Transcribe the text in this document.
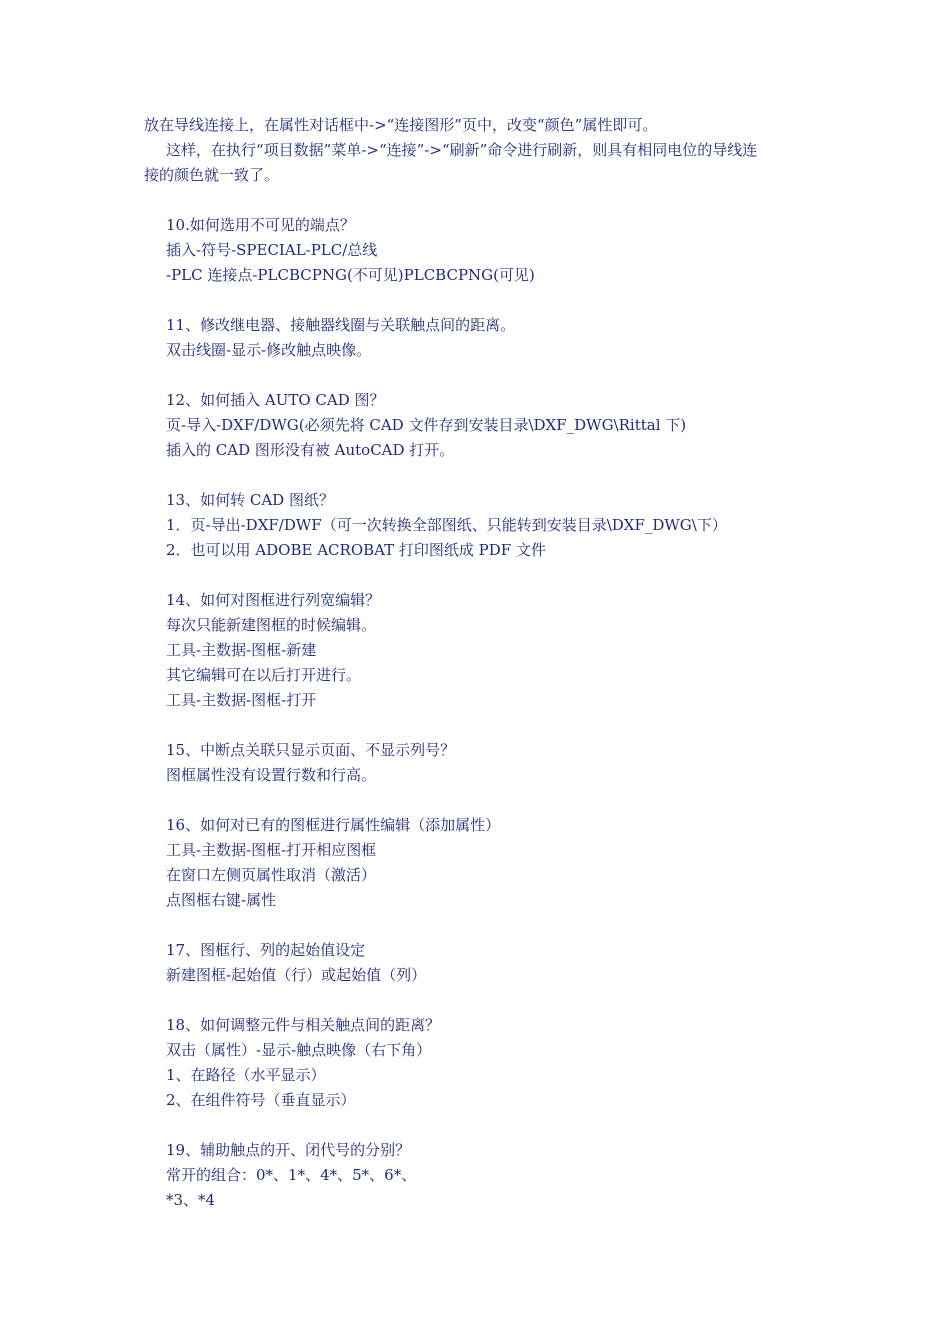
放在导线连接上，在属性对话框中->“连接图形”页中，改变“颜色”属性即可。
这样，在执行“项目数据”菜单->“连接”->“刷新”命令进行刷新，则具有相同电位的导线连
接的颜色就一致了。
10.如何选用不可见的端点？
插入-符号-SPECIAL-PLC/总线
-PLC 连接点-PLCBCPNG(不可见)PLCBCPNG(可见)
11、修改继电器、接触器线圈与关联触点间的距离。
双击线圈-显示-修改触点映像。
12、如何插入 AUTO CAD 图？
页-导入-DXF/DWG(必须先将 CAD 文件存到安装目录\DXF_DWG\Rittal 下)
插入的 CAD 图形没有被 AutoCAD 打开。
13、如何转 CAD 图纸？
1．页-导出-DXF/DWF（可一次转换全部图纸、只能转到安装目录\DXF_DWG\下）
2．也可以用 ADOBE ACROBAT 打印图纸成 PDF 文件
14、如何对图框进行列宽编辑？
每次只能新建图框的时候编辑。
工具-主数据-图框-新建
其它编辑可在以后打开进行。
工具-主数据-图框-打开
15、中断点关联只显示页面、不显示列号？
图框属性没有设置行数和行高。
16、如何对已有的图框进行属性编辑（添加属性）
工具-主数据-图框-打开相应图框
在窗口左侧页属性取消（激活）
点图框右键-属性
17、图框行、列的起始值设定
新建图框-起始值（行）或起始值（列）
18、如何调整元件与相关触点间的距离？
双击（属性）-显示-触点映像（右下角）
1、在路径（水平显示）
2、在组件符号（垂直显示）
19、辅助触点的开、闭代号的分别？
常开的组合：0*、1*、4*、5*、6*、
*3、*4
